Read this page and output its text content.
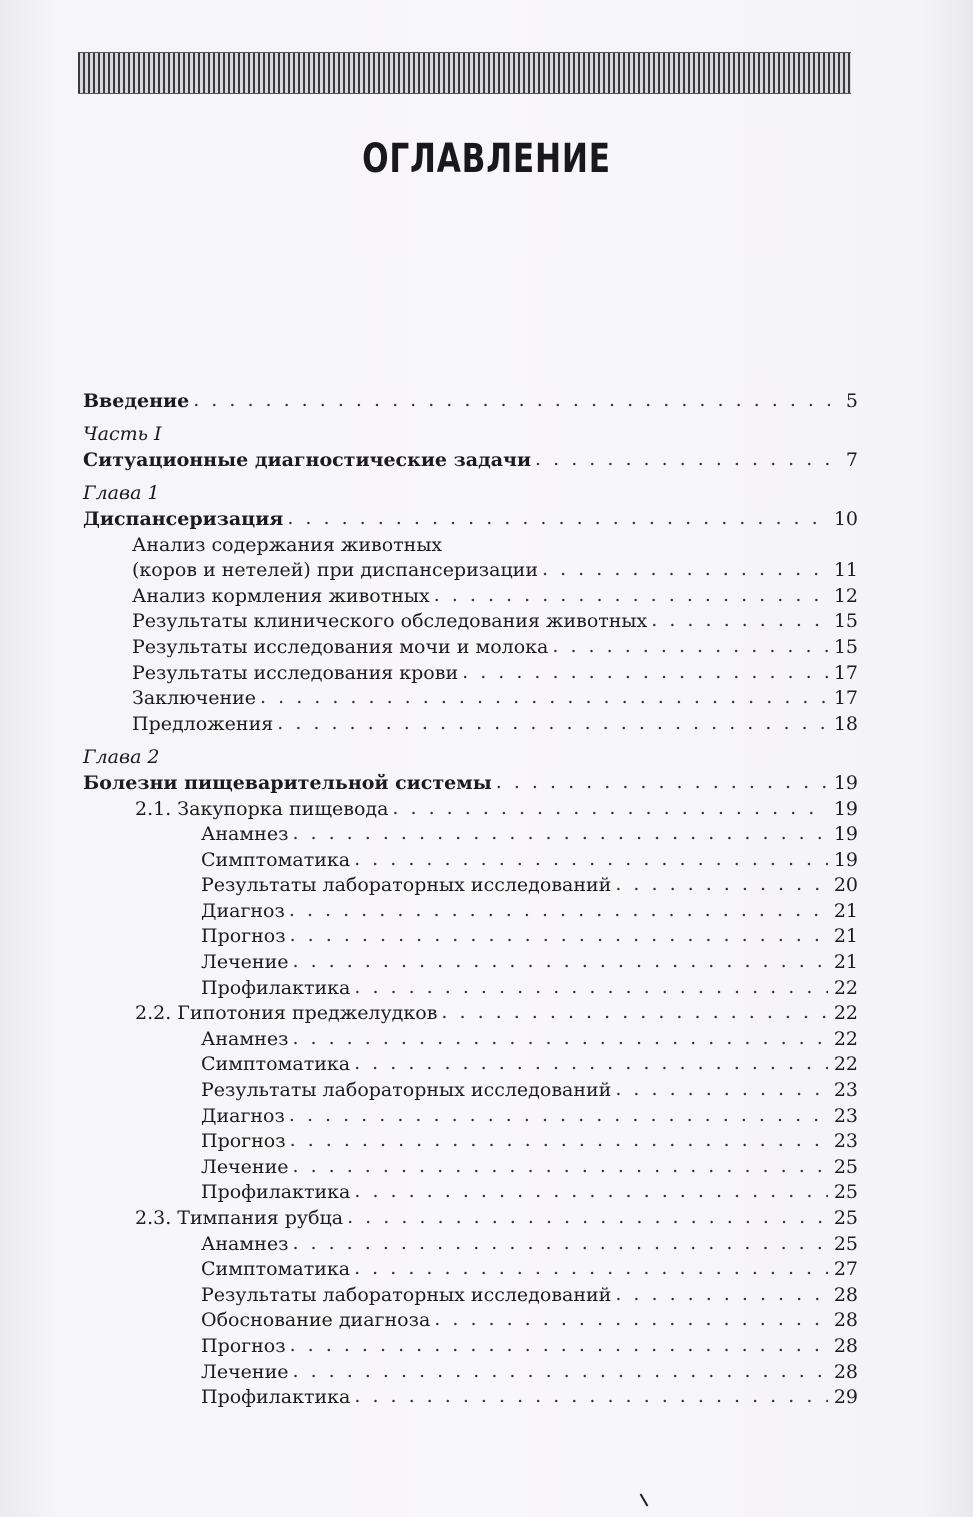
ОГЛАВЛЕНИЕ
Введение . . .	5
Часть I
Ситуационные диагностические задачи . . .	7
Глава 1
Диспансеризация . . .	10
Анализ содержания животных
(коров и нетелей) при диспансеризации . . .	11
Анализ кормления животных . . .	12
Результаты клинического обследования животных . . .	15
Результаты исследования мочи и молока . . .	15
Результаты исследования крови . . .	17
Заключение . . .	17
Предложения . . .	18
Глава 2
Болезни пищеварительной системы . . .	19
2.1. Закупорка пищевода . . .	19
Анамнез . . .	19
Симптоматика . . .	19
Результаты лабораторных исследований . . .	20
Диагноз . . .	21
Прогноз . . .	21
Лечение . . .	21
Профилактика . . .	22
2.2. Гипотония преджелудков . . .	22
Анамнез . . .	22
Симптоматика . . .	22
Результаты лабораторных исследований . . .	23
Диагноз . . .	23
Прогноз . . .	23
Лечение . . .	25
Профилактика . . .	25
2.3. Тимпания рубца . . .	25
Анамнез . . .	25
Симптоматика . . .	27
Результаты лабораторных исследований . . .	28
Обоснование диагноза . . .	28
Прогноз . . .	28
Лечение . . .	28
Профилактика . . .	29
